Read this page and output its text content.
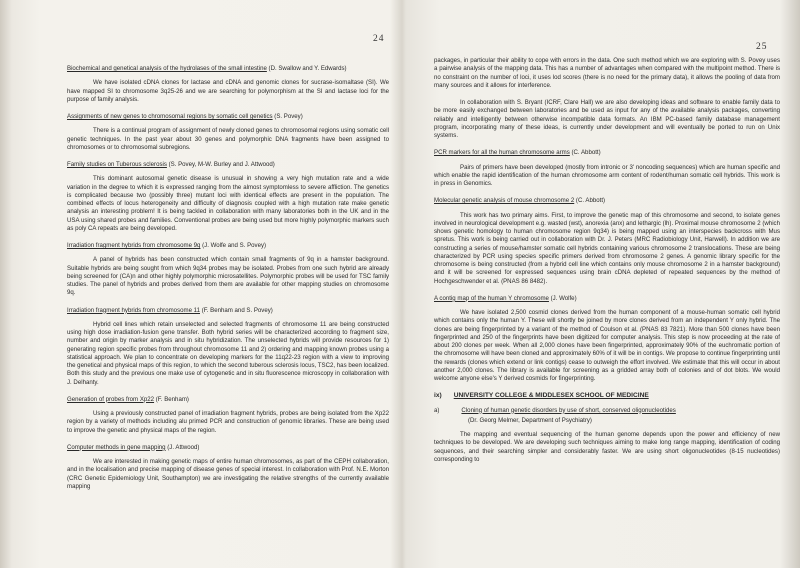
24
Biochemical and genetical analysis of the hydrolases of the small intestine (D. Swallow and Y. Edwards)
We have isolated cDNA clones for lactase and cDNA and genomic clones for sucrase-isomaltase (SI). We have mapped SI to chromosome 3q25-26 and we are searching for polymorphism at the SI and lactase loci for the purpose of family analysis.
Assignments of new genes to chromosomal regions by somatic cell genetics (S. Povey)
There is a continual program of assignment of newly cloned genes to chromosomal regions using somatic cell genetic techniques. In the past year about 30 genes and polymorphic DNA fragments have been assigned to chromosomes or to chromosomal subregions.
Family studies on Tuberous sclerosis (S. Povey, M-W. Burley and J. Attwood)
This dominant autosomal genetic disease is unusual in showing a very high mutation rate and a wide variation in the degree to which it is expressed ranging from the almost symptomless to severe affliction. The genetics is complicated because two (possibly three) mutant loci with identical effects are present in the population. The combined effects of locus heterogeneity and difficulty of diagnosis coupled with a high mutation rate make genetic analysis an interesting problem! It is being tackled in collaboration with many laboratories both in the UK and in the USA using shared probes and families. Conventional probes are being used but more highly polymorphic markers such as poly CA repeats are being developed.
Irradiation fragment hybrids from chromosome 9q (J. Wolfe and S. Povey)
A panel of hybrids has been constructed which contain small fragments of 9q in a hamster background. Suitable hybrids are being sought from which 9q34 probes may be isolated. Probes from one such hybrid are already being screened for (CA)n and other highly polymorphic microsatellites. Polymorphic probes will be used for TSC family studies. The panel of hybrids and probes derived from them are available for other mapping studies on chromosome 9q.
Irradiation fragment hybrids from chromosome 11 (F. Benham and S. Povey)
Hybrid cell lines which retain unselected and selected fragments of chromosome 11 are being constructed using high dose irradiation-fusion gene transfer. Both hybrid series will be characterized according to fragment size, number and origin by marker analysis and in situ hybridization. The unselected hybrids will provide resources for 1) generating region specific probes from throughout chromosome 11 and 2) ordering and mapping known probes using a statistical approach. We plan to concentrate on developing markers for the 11q22-23 region with a view to improving the genetical and physical maps of this region, to which the second tuberous sclerosis locus, TSC2, has been localized. Both this study and the previous one make use of cytogenetic and in situ fluorescence microscopy in collaboration with J. Delhanty.
Generation of probes from Xp22 (F. Benham)
Using a previously constructed panel of irradiation fragment hybrids, probes are being isolated from the Xp22 region by a variety of methods including alu primed PCR and construction of genomic libraries. These are being used to improve the genetic and physical maps of the region.
Computer methods in gene mapping (J. Attwood)
We are interested in making genetic maps of entire human chromosomes, as part of the CEPH collaboration, and in the localisation and precise mapping of disease genes of special interest. In collaboration with Prof. N.E. Morton (CRC Genetic Epidemiology Unit, Southampton) we are investigating the relative strengths of the currently available mapping
25
packages, in particular their ability to cope with errors in the data. One such method which we are exploring with S. Povey uses a pairwise analysis of the mapping data. This has a number of advantages when compared with the multipoint method. There is no constraint on the number of loci, it uses lod scores (there is no need for the primary data), it allows the pooling of data from many sources and it allows for interference.
In collaboration with S. Bryant (ICRF, Clare Hall) we are also developing ideas and software to enable family data to be more easily exchanged between laboratories and be used as input for any of the available analysis packages, converting reliably and intelligently between otherwise incompatible data formats. An IBM PC-based family database management program, incorporating many of these ideas, is currently under development and will eventually be ported to run on Unix systems.
PCR markers for all the human chromosome arms (C. Abbott)
Pairs of primers have been developed (mostly from intronic or 3' noncoding sequences) which are human specific and which enable the rapid identification of the human chromosome arm content of rodent/human somatic cell hybrids. This work is in press in Genomics.
Molecular genetic analysis of mouse chromosome 2 (C. Abbott)
This work has two primary aims. First, to improve the genetic map of this chromosome and second, to isolate genes involved in neurological development e.g. wasted (wst), anorexia (anx) and lethargic (lh). Proximal mouse chromosome 2 (which shows genetic homology to human chromosome region 9q34) is being mapped using an interspecies backcross with Mus spretus. This work is being carried out in collaboration with Dr. J. Peters (MRC Radiobiology Unit, Harwell). In addition we are constructing a series of mouse/hamster somatic cell hybrids containing various chromosome 2 translocations. These are being characterized by PCR using species specific primers derived from chromosome 2 genes. A genomic library specific for the chromosome is being constructed (from a hybrid cell line which contains only mouse chromosome 2 in a hamster background) and it will be screened for expressed sequences using brain cDNA depleted of repeated sequences by the method of Hochgeschwender et al. (PNAS 86 8482).
A contig map of the human Y chromosome (J. Wolfe)
We have isolated 2,500 cosmid clones derived from the human component of a mouse-human somatic cell hybrid which contains only the human Y. These will shortly be joined by more clones derived from an independent Y only hybrid. The clones are being fingerprinted by a variant of the method of Coulson et al. (PNAS 83 7821). More than 500 clones have been fingerprinted and 250 of the fingerprints have been digitized for computer analysis. This step is now proceeding at the rate of about 200 clones per week. When all 2,000 clones have been fingerprinted, approximately 90% of the euchromatic portion of the chromosome will have been cloned and approximately 60% of it will be in contigs. We propose to continue fingerprinting until the rewards (clones which extend or link contigs) cease to outweigh the effort involved. We estimate that this will occur in about another 2,000 clones. The library is available for screening as a gridded array both of colonies and of dot blots. We would welcome anyone else's Y derived cosmids for fingerprinting.
ix) UNIVERSITY COLLEGE & MIDDLESEX SCHOOL OF MEDICINE
a)	Cloning of human genetic disorders by use of short, conserved oligonucleotides
(Dr. Georg Melmer, Department of Psychiatry)
The mapping and eventual sequencing of the human genome depends upon the power and efficiency of new techniques to be developed. We are developing such techniques aiming to make long range mapping, identification of coding sequences, and their searching simpler and considerably faster. We are using short oligonucleotides (8-15 nucleotides) corresponding to
